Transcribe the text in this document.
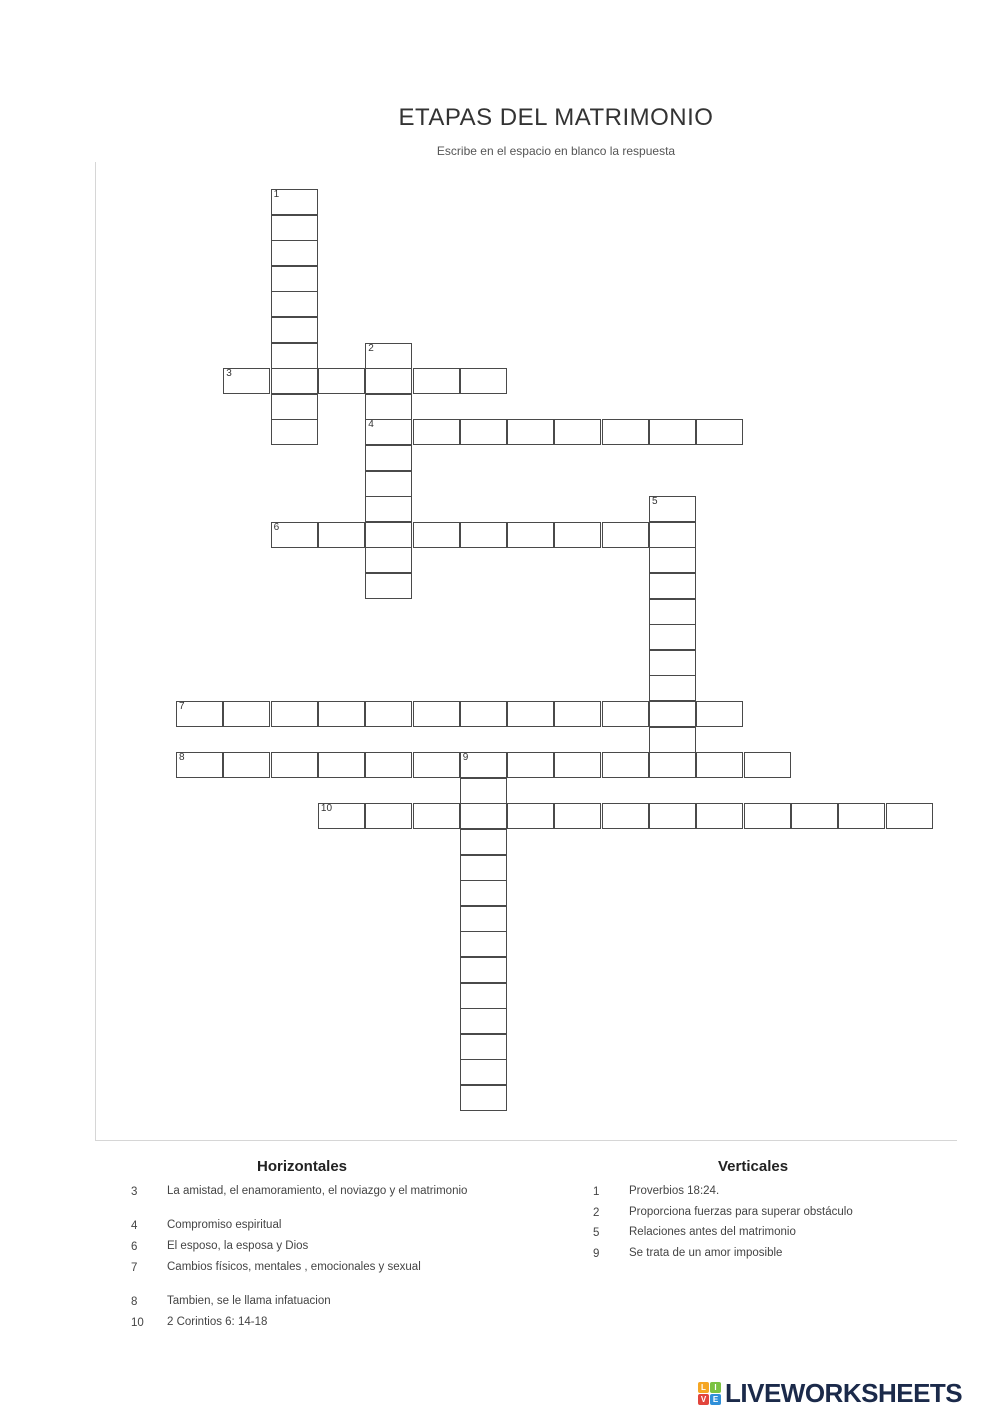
ETAPAS DEL MATRIMONIO
Escribe en el espacio en blanco la respuesta
1
2
4
3
5
6
7
8	9
10
Horizontales	Verticales
3	La amistad, el enamoramiento, el noviazgo y el matrimonio
4	Compromiso espiritual
6	El esposo, la esposa y Dios
7	Cambios físicos, mentales , emocionales y sexual
8	Tambien, se le llama infatuacion
10	2 Corintios 6: 14-18
1	Proverbios 18:24.
2	Proporciona fuerzas para superar obstáculo
5	Relaciones antes del matrimonio
9	Se trata de un amor imposible
L	I
V E LIVEWORKSHEETS
